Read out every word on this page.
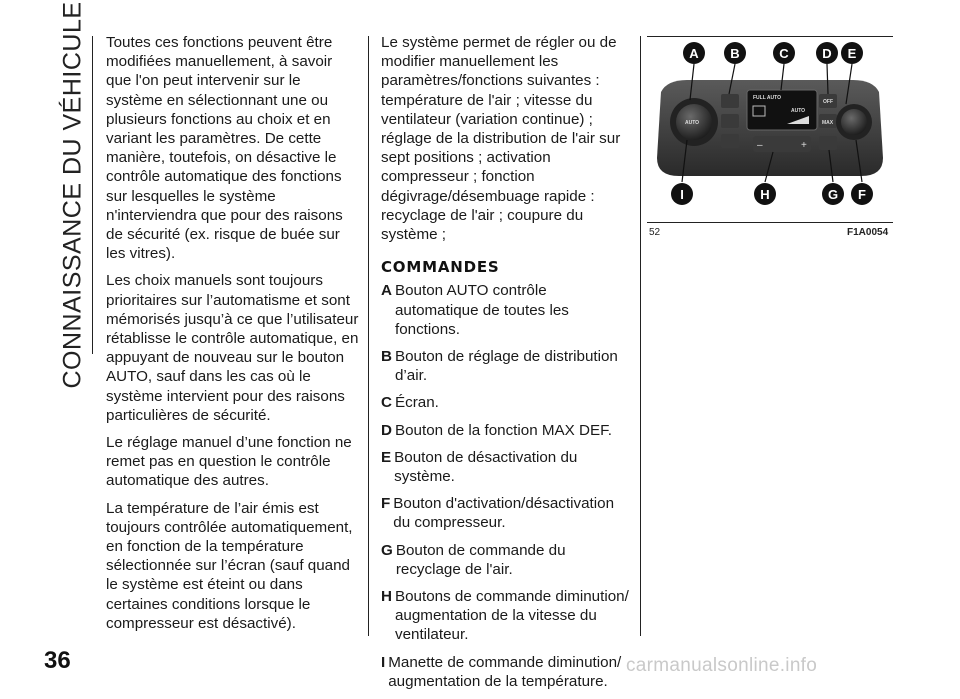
CONNAISSANCE DU VÉHICULE Toutes ces fonctions peuvent être modifiées manuellement, à savoir que l'on peut intervenir sur le système en sélectionnant une ou plusieurs fonctions au choix et en variant les paramètres. De cette manière, toutefois, on désactive le contrôle automatique des fonctions sur lesquelles le système n'interviendra que pour des raisons de sécurité (ex. risque de buée sur les vitres).

Les choix manuels sont toujours prioritaires sur l’automatisme et sont mémorisés jusqu’à ce que l’utilisateur rétablisse le contrôle automatique, en appuyant de nouveau sur le bouton AUTO, sauf dans les cas où le système intervient pour des raisons particulières de sécurité.

Le réglage manuel d’une fonction ne remet pas en question le contrôle automatique des autres.

La température de l’air émis est toujours contrôlée automatiquement, en fonction de la température sélectionnée sur l’écran (sauf quand le système est éteint ou dans certaines conditions lorsque le compresseur est désactivé).

Le système permet de régler ou de modifier manuellement les paramètres/fonctions suivantes : température de l'air ; vitesse du ventilateur (variation continue) ; réglage de la distribution de l'air sur sept positions ; activation compresseur ; fonction dégivrage/désembuage rapide : recyclage de l'air ; coupure du système ;

COMMANDES
A Bouton AUTO contrôle automatique de toutes les fonctions.
B Bouton de réglage de distribution d’air.
C Écran.
D Bouton de la fonction MAX DEF.
E Bouton de désactivation du système.
F Bouton d'activation/désactivation du compresseur.
G Bouton de commande du recyclage de l'air.
H Boutons de commande diminution/ augmentation de la vitesse du ventilateur.
I Manette de commande diminution/ augmentation de la température.
AUTO
FULL AUTO
AUTO
–	+
OFF
MAX
A B	C	D E
I	H	G F
52	F1A0054
36	carmanualsonline.info
